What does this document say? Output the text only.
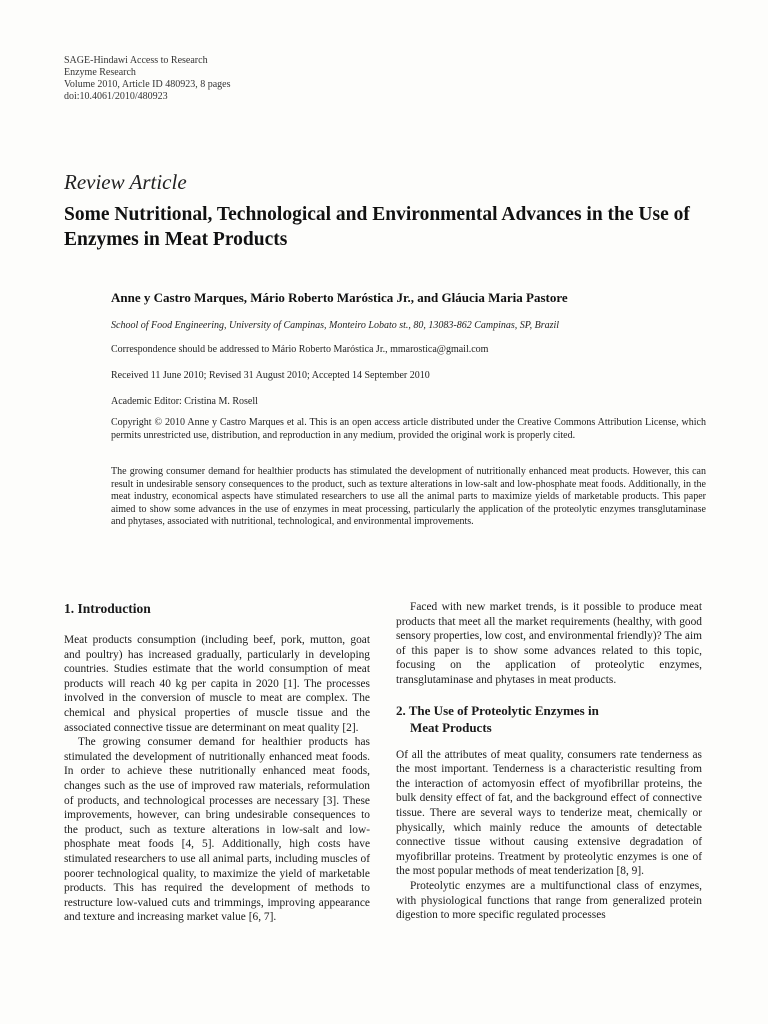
SAGE-Hindawi Access to Research
Enzyme Research
Volume 2010, Article ID 480923, 8 pages
doi:10.4061/2010/480923
Review Article
Some Nutritional, Technological and Environmental Advances in the Use of Enzymes in Meat Products
Anne y Castro Marques, Mário Roberto Maróstica Jr., and Gláucia Maria Pastore
School of Food Engineering, University of Campinas, Monteiro Lobato st., 80, 13083-862 Campinas, SP, Brazil
Correspondence should be addressed to Mário Roberto Maróstica Jr., mmarostica@gmail.com
Received 11 June 2010; Revised 31 August 2010; Accepted 14 September 2010
Academic Editor: Cristina M. Rosell
Copyright © 2010 Anne y Castro Marques et al. This is an open access article distributed under the Creative Commons Attribution License, which permits unrestricted use, distribution, and reproduction in any medium, provided the original work is properly cited.
The growing consumer demand for healthier products has stimulated the development of nutritionally enhanced meat products. However, this can result in undesirable sensory consequences to the product, such as texture alterations in low-salt and low-phosphate meat foods. Additionally, in the meat industry, economical aspects have stimulated researchers to use all the animal parts to maximize yields of marketable products. This paper aimed to show some advances in the use of enzymes in meat processing, particularly the application of the proteolytic enzymes transglutaminase and phytases, associated with nutritional, technological, and environmental improvements.
1. Introduction

Meat products consumption (including beef, pork, mutton, goat and poultry) has increased gradually, particularly in developing countries. Studies estimate that the world consumption of meat products will reach 40 kg per capita in 2020 [1]. The processes involved in the conversion of muscle to meat are complex. The chemical and physical properties of muscle tissue and the associated connective tissue are determinant on meat quality [2].

The growing consumer demand for healthier products has stimulated the development of nutritionally enhanced meat foods. In order to achieve these nutritionally enhanced meat foods, changes such as the use of improved raw materials, reformulation of products, and technological processes are necessary [3]. These improvements, however, can bring undesirable consequences to the product, such as texture alterations in low-salt and low-phosphate meat foods [4, 5]. Additionally, high costs have stimulated researchers to use all animal parts, including muscles of poorer technological quality, to maximize the yield of marketable products. This has required the development of methods to restructure low-valued cuts and trimmings, improving appearance and texture and increasing market value [6, 7].

Faced with new market trends, is it possible to produce meat products that meet all the market requirements (healthy, with good sensory properties, low cost, and environmental friendly)? The aim of this paper is to show some advances related to this topic, focusing on the application of proteolytic enzymes, transglutaminase and phytases in meat products.

2. The Use of Proteolytic Enzymes in
Meat Products

Of all the attributes of meat quality, consumers rate tenderness as the most important. Tenderness is a characteristic resulting from the interaction of actomyosin effect of myofibrillar proteins, the bulk density effect of fat, and the background effect of connective tissue. There are several ways to tenderize meat, chemically or physically, which mainly reduce the amounts of detectable connective tissue without causing extensive degradation of myofibrillar proteins. Treatment by proteolytic enzymes is one of the most popular methods of meat tenderization [8, 9].

Proteolytic enzymes are a multifunctional class of enzymes, with physiological functions that range from generalized protein digestion to more specific regulated processes
